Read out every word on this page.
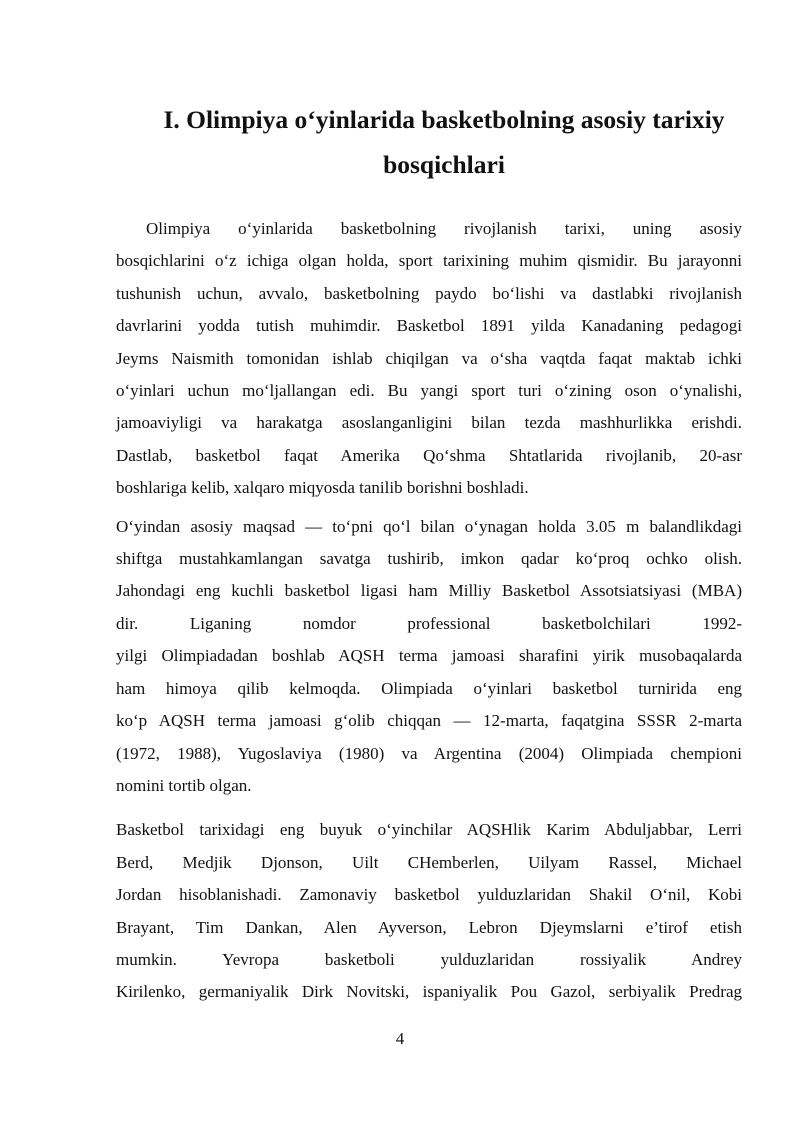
I. Olimpiya o‘yinlarida basketbolning asosiy tarixiy
bosqichlari
Olimpiya o‘yinlarida basketbolning rivojlanish tarixi, uning asosiy
bosqichlarini o‘z ichiga olgan holda, sport tarixining muhim qismidir. Bu jarayonni
tushunish uchun, avvalo, basketbolning paydo bo‘lishi va dastlabki rivojlanish
davrlarini yodda tutish muhimdir. Basketbol 1891 yilda Kanadaning pedagogi
Jeyms Naismith tomonidan ishlab chiqilgan va o‘sha vaqtda faqat maktab ichki
o‘yinlari uchun mo‘ljallangan edi. Bu yangi sport turi o‘zining oson o‘ynalishi,
jamoaviyligi va harakatga asoslanganligini bilan tezda mashhurlikka erishdi.
Dastlab, basketbol faqat Amerika Qo‘shma Shtatlarida rivojlanib, 20-asr
boshlariga kelib, xalqaro miqyosda tanilib borishni boshladi.
O‘yindan asosiy maqsad — to‘pni qo‘l bilan o‘ynagan holda 3.05 m balandlikdagi
shiftga mustahkamlangan savatga tushirib, imkon qadar ko‘proq ochko olish.
Jahondagi eng kuchli basketbol ligasi ham Milliy Basketbol Assotsiatsiyasi (MBA)
dir. Liganing nomdor professional basketbolchilari 1992-
yilgi Olimpiadadan boshlab AQSH terma jamoasi sharafini yirik musobaqalarda
ham himoya qilib kelmoqda. Olimpiada o‘yinlari basketbol turnirida eng
ko‘p AQSH terma jamoasi g‘olib chiqqan — 12-marta, faqatgina SSSR 2-marta
(1972, 1988), Yugoslaviya (1980) va Argentina (2004) Olimpiada chempioni
nomini tortib olgan.
Basketbol tarixidagi eng buyuk o‘yinchilar AQSHlik Karim Abduljabbar, Lerri
Berd, Medjik Djonson, Uilt CHemberlen, Uilyam Rassel, Michael
Jordan hisoblanishadi. Zamonaviy basketbol yulduzlaridan Shakil O‘nil, Kobi
Brayant, Tim Dankan, Alen Ayverson, Lebron Djeymslarni e’tirof etish
mumkin. Yevropa basketboli yulduzlaridan rossiyalik Andrey
Kirilenko, germaniyalik Dirk Novitski, ispaniyalik Pou Gazol, serbiyalik Predrag
4
